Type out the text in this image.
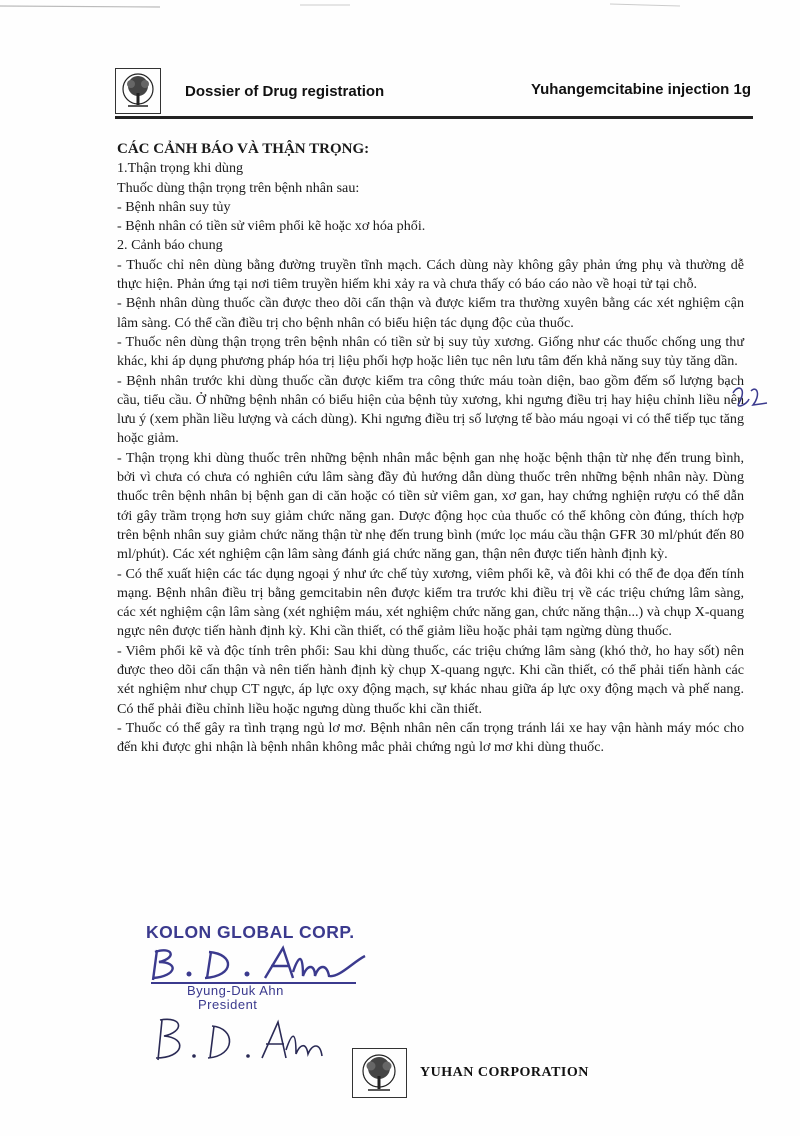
Dossier of Drug registration	Yuhangemcitabine injection 1g

CÁC CẢNH BÁO VÀ THẬN TRỌNG:

1.Thận trọng khi dùng

Thuốc dùng thận trọng trên bệnh nhân sau:

- Bệnh nhân suy tủy

- Bệnh nhân có tiền sử viêm phổi kẽ hoặc xơ hóa phổi.

2. Cảnh báo chung

- Thuốc chỉ nên dùng bằng đường truyền tĩnh mạch. Cách dùng này không gây phản ứng phụ và thường dễ thực hiện. Phản ứng tại nơi tiêm truyền hiếm khi xảy ra và chưa thấy có báo cáo nào về hoại tử tại chỗ.

- Bệnh nhân dùng thuốc cần được theo dõi cẩn thận và được kiểm tra thường xuyên bằng các xét nghiệm cận lâm sàng. Có thể cần điều trị cho bệnh nhân có biểu hiện tác dụng độc của thuốc.

- Thuốc nên dùng thận trọng trên bệnh nhân có tiền sử bị suy tủy xương. Giống như các thuốc chống ung thư khác, khi áp dụng phương pháp hóa trị liệu phối hợp hoặc liên tục nên lưu tâm đến khả năng suy tủy tăng dần.

- Bệnh nhân trước khi dùng thuốc cần được kiểm tra công thức máu toàn diện, bao gồm đếm số lượng bạch cầu, tiểu cầu. Ở những bệnh nhân có biểu hiện của bệnh tủy xương, khi ngưng điều trị hay hiệu chỉnh liều nên lưu ý (xem phần liều lượng và cách dùng). Khi ngưng điều trị số lượng tế bào máu ngoại vi có thể tiếp tục tăng hoặc giảm.

- Thận trọng khi dùng thuốc trên những bệnh nhân mắc bệnh gan nhẹ hoặc bệnh thận từ nhẹ đến trung bình, bởi vì chưa có chưa có nghiên cứu lâm sàng đầy đủ hướng dẫn dùng thuốc trên những bệnh nhân này. Dùng thuốc trên bệnh nhân bị bệnh gan di căn hoặc có tiền sử viêm gan, xơ gan, hay chứng nghiện rượu có thể dẫn tới gây trầm trọng hơn suy giảm chức năng gan. Dược động học của thuốc có thể không còn đúng, thích hợp trên bệnh nhân suy giảm chức năng thận từ nhẹ đến trung bình (mức lọc máu cầu thận GFR 30 ml/phút đến 80 ml/phút). Các xét nghiệm cận lâm sàng đánh giá chức năng gan, thận nên được tiến hành định kỳ.

- Có thể xuất hiện các tác dụng ngoại ý như ức chế tủy xương, viêm phổi kẽ, và đôi khi có thể đe dọa đến tính mạng. Bệnh nhân điều trị bằng gemcitabin nên được kiểm tra trước khi điều trị về các triệu chứng lâm sàng, các xét nghiệm cận lâm sàng (xét nghiệm máu, xét nghiệm chức năng gan, chức năng thận...) và chụp X-quang ngực nên được tiến hành định kỳ. Khi cần thiết, có thể giảm liều hoặc phải tạm ngừng dùng thuốc.

- Viêm phổi kẽ và độc tính trên phổi: Sau khi dùng thuốc, các triệu chứng lâm sàng (khó thở, ho hay sốt) nên được theo dõi cẩn thận và nên tiến hành định kỳ chụp X-quang ngực. Khi cần thiết, có thể phải tiến hành các xét nghiệm như chụp CT ngực, áp lực oxy động mạch, sự khác nhau giữa áp lực oxy động mạch và phế nang. Có thể phải điều chỉnh liều hoặc ngưng dùng thuốc khi cần thiết.

- Thuốc có thể gây ra tình trạng ngủ lơ mơ. Bệnh nhân nên cẩn trọng tránh lái xe hay vận hành máy móc cho đến khi được ghi nhận là bệnh nhân không mắc phải chứng ngủ lơ mơ khi dùng thuốc.

KOLON GLOBAL CORP.
Byung-Duk Ahn
President
YUHAN CORPORATION
